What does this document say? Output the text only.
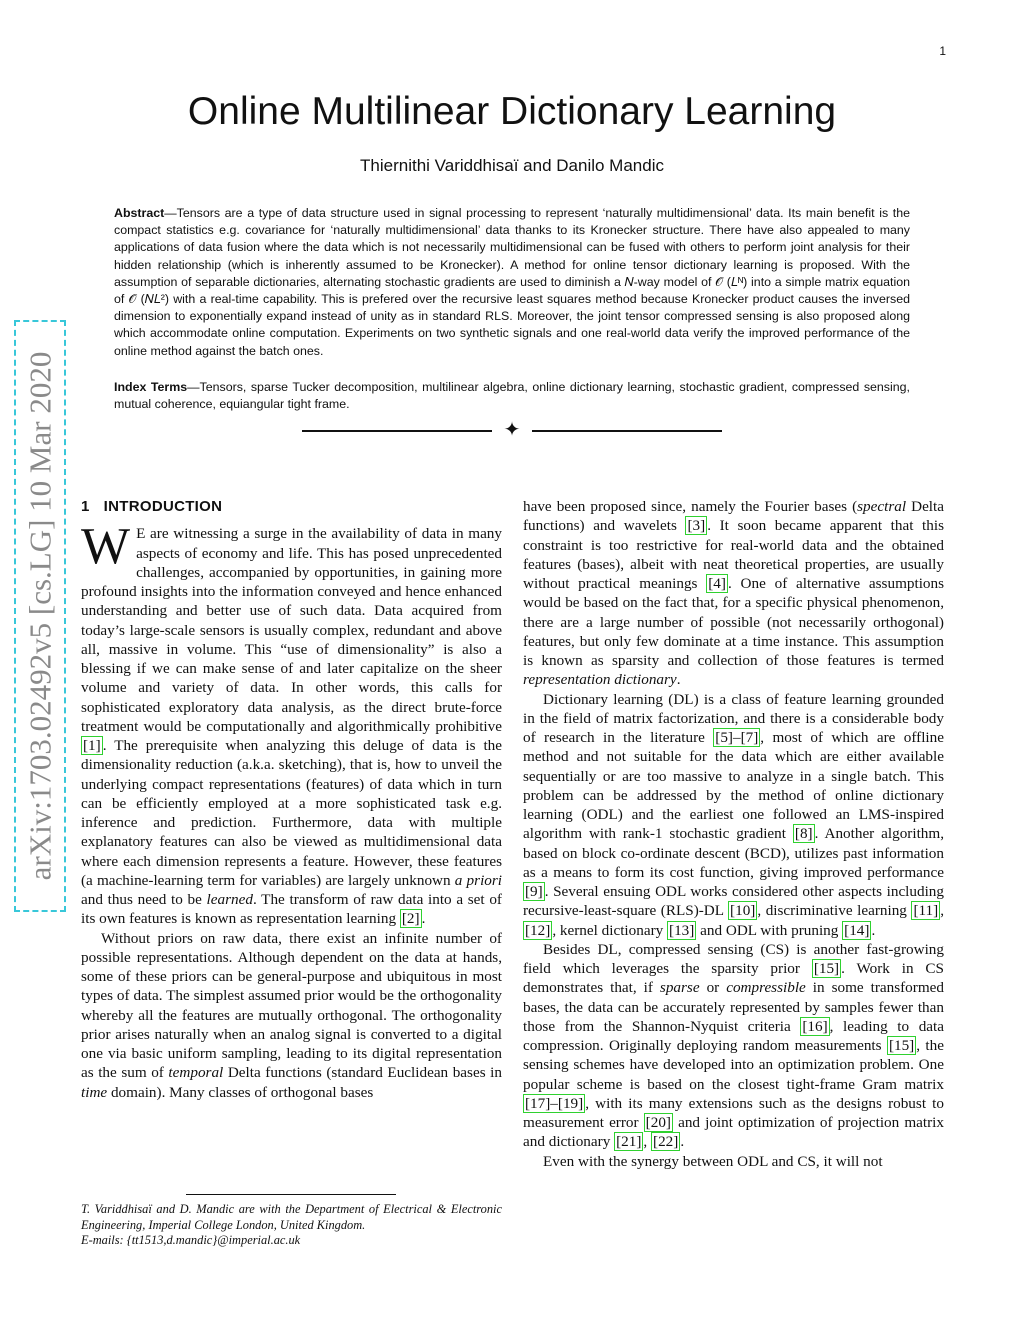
1
arXiv:1703.02492v5 [cs.LG] 10 Mar 2020
Online Multilinear Dictionary Learning
Thiernithi Variddhisaï and Danilo Mandic

Abstract—Tensors are a type of data structure used in signal processing to represent ‘naturally multidimensional’ data. Its main benefit is the compact statistics e.g. covariance for ‘naturally multidimensional’ data thanks to its Kronecker structure. There have also appealed to many applications of data fusion where the data which is not necessarily multidimensional can be fused with others to perform joint analysis for their hidden relationship (which is inherently assumed to be Kronecker). A method for online tensor dictionary learning is proposed. With the assumption of separable dictionaries, alternating stochastic gradients are used to diminish a 𝑁-way model of 𝒪 (𝐿ᴺ) into a simple matrix equation of 𝒪 (𝑁𝐿²) with a real-time capability. This is prefered over the recursive least squares method because Kronecker product causes the inversed dimension to exponentially expand instead of unity as in standard RLS. Moreover, the joint tensor compressed sensing is also proposed along which accommodate online computation. Experiments on two synthetic signals and one real-world data verify the improved performance of the online method against the batch ones.

Index Terms—Tensors, sparse Tucker decomposition, multilinear algebra, online dictionary learning, stochastic gradient, compressed sensing, mutual coherence, equiangular tight frame.

✦
1 INTRODUCTION

W E are witnessing a surge in the availability of data in many aspects of economy and life. This has posed unprecedented challenges, accompanied by opportunities, in gaining more profound insights into the information conveyed and hence enhanced understanding and better use of such data. Data acquired from today’s large-scale sensors is usually complex, redundant and above all, massive in volume. This “use of dimensionality” is also a blessing if we can make sense of and later capitalize on the sheer volume and variety of data. In other words, this calls for sophisticated exploratory data analysis, as the direct brute-force treatment would be computationally and algorithmically prohibitive [1] . The prerequisite when analyzing this deluge of data is the dimensionality reduction (a.k.a. sketching), that is, how to unveil the underlying compact representations (features) of data which in turn can be efficiently employed at a more sophisticated task e.g. inference and prediction. Furthermore, data with multiple explanatory features can also be viewed as multidimensional data where each dimension represents a feature. However, these features (a machine-learning term for variables) are largely unknown a priori and thus need to be learned. The transform of raw data into a set of its own features is known as representation learning [2] .

Without priors on raw data, there exist an infinite number of possible representations. Although dependent on the data at hands, some of these priors can be general-purpose and ubiquitous in most types of data. The simplest assumed prior would be the orthogonality whereby all the features are mutually orthogonal. The orthogonality prior arises naturally when an analog signal is converted to a digital one via basic uniform sampling, leading to its digital representation as the sum of temporal Delta functions (standard Euclidean bases in time domain). Many classes of orthogonal bases

have been proposed since, namely the Fourier bases (spectral Delta functions) and wavelets [3] . It soon became apparent that this constraint is too restrictive for real-world data and the obtained features (bases), albeit with neat theoretical properties, are usually without practical meanings [4] . One of alternative assumptions would be based on the fact that, for a specific physical phenomenon, there are a large number of possible (not necessarily orthogonal) features, but only few dominate at a time instance. This assumption is known as sparsity and collection of those features is termed representation dictionary.

Dictionary learning (DL) is a class of feature learning grounded in the field of matrix factorization, and there is a considerable body of research in the literature [5]–[7] , most of which are offline method and not suitable for the data which are either available sequentially or are too massive to analyze in a single batch. This problem can be addressed by the method of online dictionary learning (ODL) and the earliest one followed an LMS-inspired algorithm with rank-1 stochastic gradient [8] . Another algorithm, based on block co-ordinate descent (BCD), utilizes past information as a means to form its cost function, giving improved performance [9] . Several ensuing ODL works considered other aspects including recursive-least-square (RLS)-DL [10] , discriminative learning [11] , [12] , kernel dictionary [13] and ODL with pruning [14] .

Besides DL, compressed sensing (CS) is another fast-growing field which leverages the sparsity prior [15] . Work in CS demonstrates that, if sparse or compressible in some transformed bases, the data can be accurately represented by samples fewer than those from the Shannon-Nyquist criteria [16] , leading to data compression. Originally deploying random measurements [15] , the sensing schemes have developed into an optimization problem. One popular scheme is based on the closest tight-frame Gram matrix [17]–[19] , with its many extensions such as the designs robust to measurement error [20] and joint optimization of projection matrix and dictionary [21] , [22] .

Even with the synergy between ODL and CS, it will not

T. Variddhisaï and D. Mandic are with the Department of Electrical & Electronic Engineering, Imperial College London, United Kingdom.

E-mails: {tt1513,d.mandic}@imperial.ac.uk
